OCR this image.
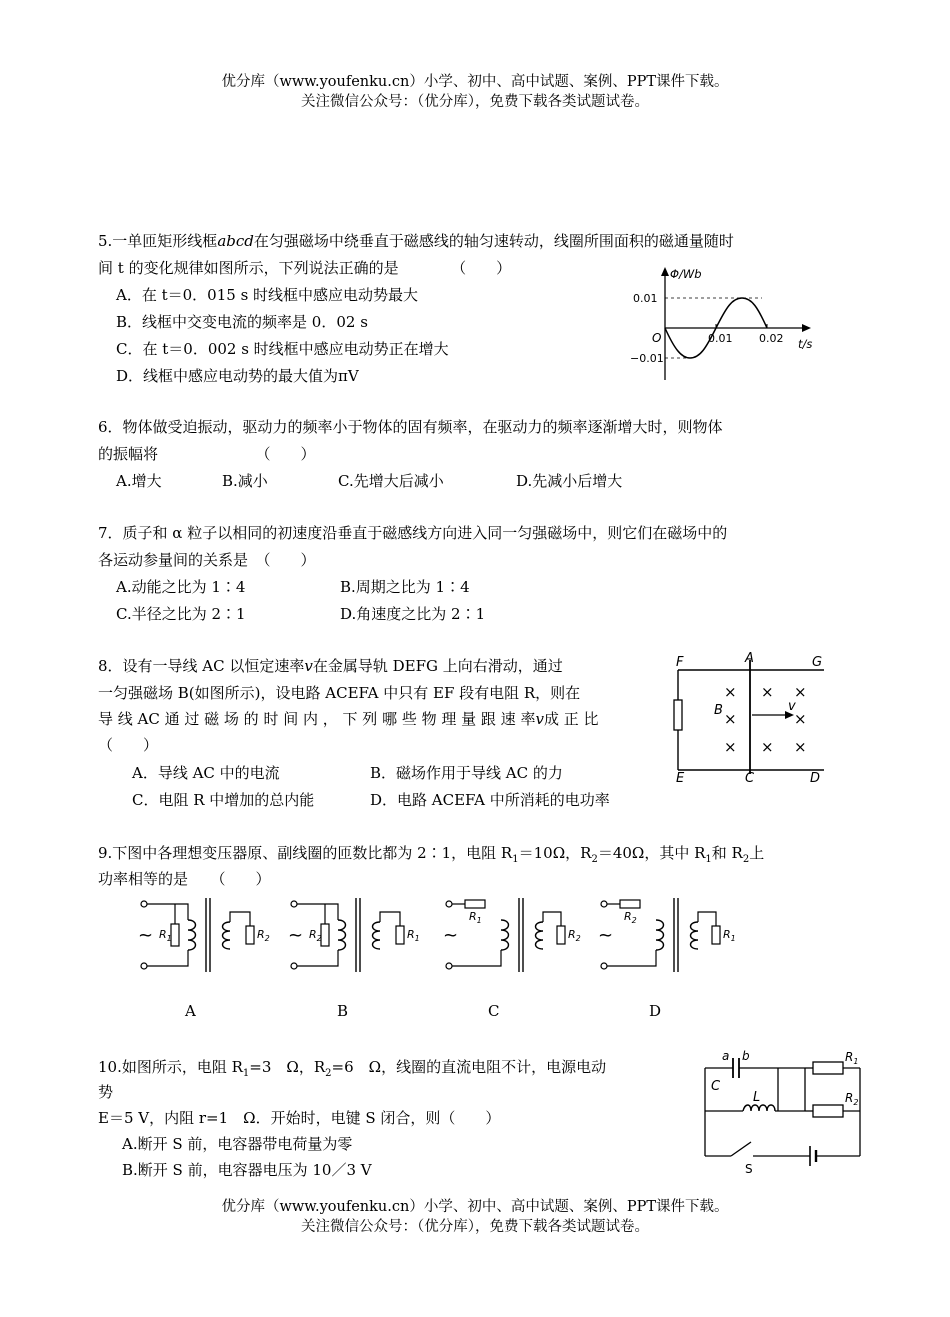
优分库（www.youfenku.cn）小学、初中、高中试题、案例、PPT课件下载。
关注微信公众号：（优分库），免费下载各类试题试卷。
5.一单匝矩形线框abcd在匀强磁场中绕垂直于磁感线的轴匀速转动，线圈所围面积的磁通量随时
间 t 的变化规律如图所示，下列说法正确的是　　　　（　　）
A．在 t＝0．015 s 时线框中感应电动势最大
B．线框中交变电流的频率是 0．02 s
C．在 t＝0．002 s 时线框中感应电动势正在增大
D．线框中感应电动势的最大值为πV
Φ/Wb
t/s
O
0.01
−0.01
0.01 0.02
6．物体做受迫振动，驱动力的频率小于物体的固有频率，在驱动力的频率逐渐增大时，则物体
的振幅将　　　　　　　（　　）
A.增大	B.减小	C.先增大后减小	D.先减小后增大
7．质子和 α 粒子以相同的初速度沿垂直于磁感线方向进入同一匀强磁场中，则它们在磁场中的
各运动参量间的关系是　（　　）
A.动能之比为 1∶4	B.周期之比为 1∶4
C.半径之比为 2∶1	D.角速度之比为 2∶1
8．设有一导线 AC 以恒定速率v在金属导轨 DEFG 上向右滑动，通过
一匀强磁场 B(如图所示)，设电路 ACEFA 中只有 EF 段有电阻 R，则在
导 线 AC 通 过 磁 场 的 时 间 内 ， 下 列 哪 些 物 理 量 跟 速 率v成 正 比
（　　）
A．导线 AC 中的电流	B．磁场作用于导线 AC 的力
C．电阻 R 中增加的总内能	D．电路 ACEFA 中所消耗的电功率
× × ×
×	×
× × ×
F	A	G
B	v
E	C	D
9.下图中各理想变压器原、副线圈的匝数比都为 2∶1，电阻 $R_1=10\Omega$，$R_2=40\Omega$，其中 $R_1$和 $R_2$上
功率相等的是　　（　　）
~ $R_1$	$R_2$ ~ $R_2$	$R_1$ ~
$R_1$
$R_2$ ~
$R_2$
$R_1$
A	B	C	D
10.如图所示，电阻 $R_1=3$　Ω，$R_2=6$　Ω，线圈的直流电阻不计，电源电动
势
E＝5 V，内阻 r=1　Ω．开始时，电键 S 闭合，则（　　）
A.断开 S 前，电容器带电荷量为零
B.断开 S 前，电容器电压为 10／3 V
a b
C
L
$R_1$
$R_2$
S
优分库（www.youfenku.cn）小学、初中、高中试题、案例、PPT课件下载。
关注微信公众号：（优分库），免费下载各类试题试卷。
